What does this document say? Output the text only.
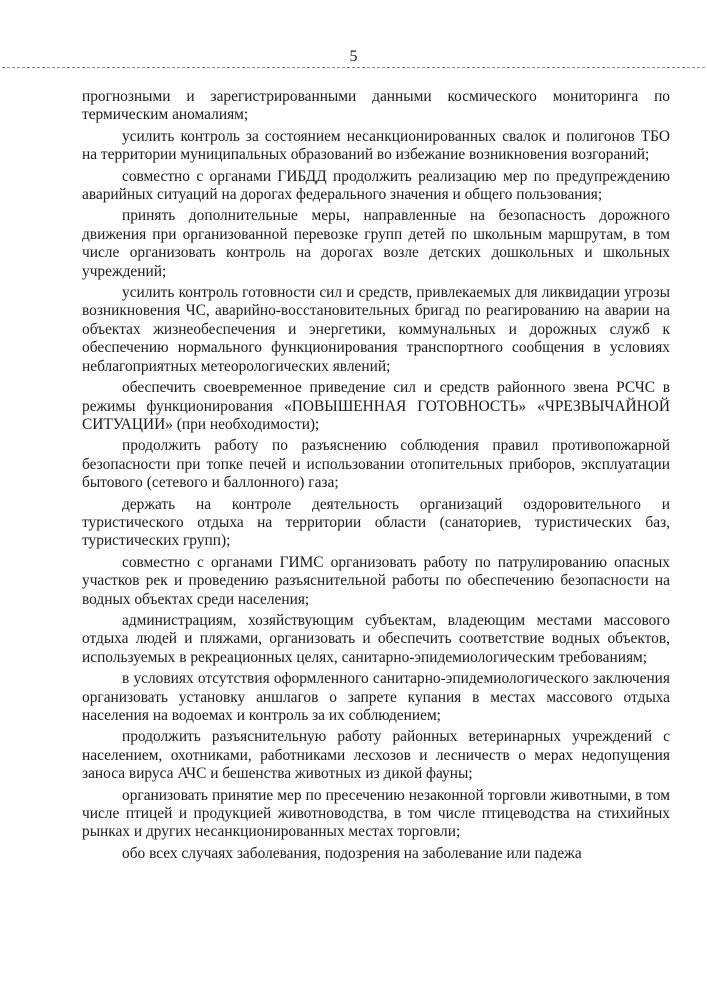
5

прогнозными и зарегистрированными данными космического мониторинга по термическим аномалиям;

усилить контроль за состоянием несанкционированных свалок и полигонов ТБО на территории муниципальных образований во избежание возникновения возгораний;

совместно с органами ГИБДД продолжить реализацию мер по предупреждению аварийных ситуаций на дорогах федерального значения и общего пользования;

принять дополнительные меры, направленные на безопасность дорожного движения при организованной перевозке групп детей по школьным маршрутам, в том числе организовать контроль на дорогах возле детских дошкольных и школьных учреждений;

усилить контроль готовности сил и средств, привлекаемых для ликвидации угрозы возникновения ЧС, аварийно-восстановительных бригад по реагированию на аварии на объектах жизнеобеспечения и энергетики, коммунальных и дорожных служб к обеспечению нормального функционирования транспортного сообщения в условиях неблагоприятных метеорологических явлений;

обеспечить своевременное приведение сил и средств районного звена РСЧС в режимы функционирования «ПОВЫШЕННАЯ ГОТОВНОСТЬ» «ЧРЕЗВЫЧАЙНОЙ СИТУАЦИИ» (при необходимости);

продолжить работу по разъяснению соблюдения правил противопожарной безопасности при топке печей и использовании отопительных приборов, эксплуатации бытового (сетевого и баллонного) газа;

держать на контроле деятельность организаций оздоровительного и туристического отдыха на территории области (санаториев, туристических баз, туристических групп);

совместно с органами ГИМС организовать работу по патрулированию опасных участков рек и проведению разъяснительной работы по обеспечению безопасности на водных объектах среди населения;

администрациям, хозяйствующим субъектам, владеющим местами массового отдыха людей и пляжами, организовать и обеспечить соответствие водных объектов, используемых в рекреационных целях, санитарно-эпидемиологическим требованиям;

в условиях отсутствия оформленного санитарно-эпидемиологического заключения организовать установку аншлагов о запрете купания в местах массового отдыха населения на водоемах и контроль за их соблюдением;

продолжить разъяснительную работу районных ветеринарных учреждений с населением, охотниками, работниками лесхозов и лесничеств о мерах недопущения заноса вируса АЧС и бешенства животных из дикой фауны;

организовать принятие мер по пресечению незаконной торговли животными, в том числе птицей и продукцией животноводства, в том числе птицеводства на стихийных рынках и других несанкционированных местах торговли;

обо всех случаях заболевания, подозрения на заболевание или падежа
